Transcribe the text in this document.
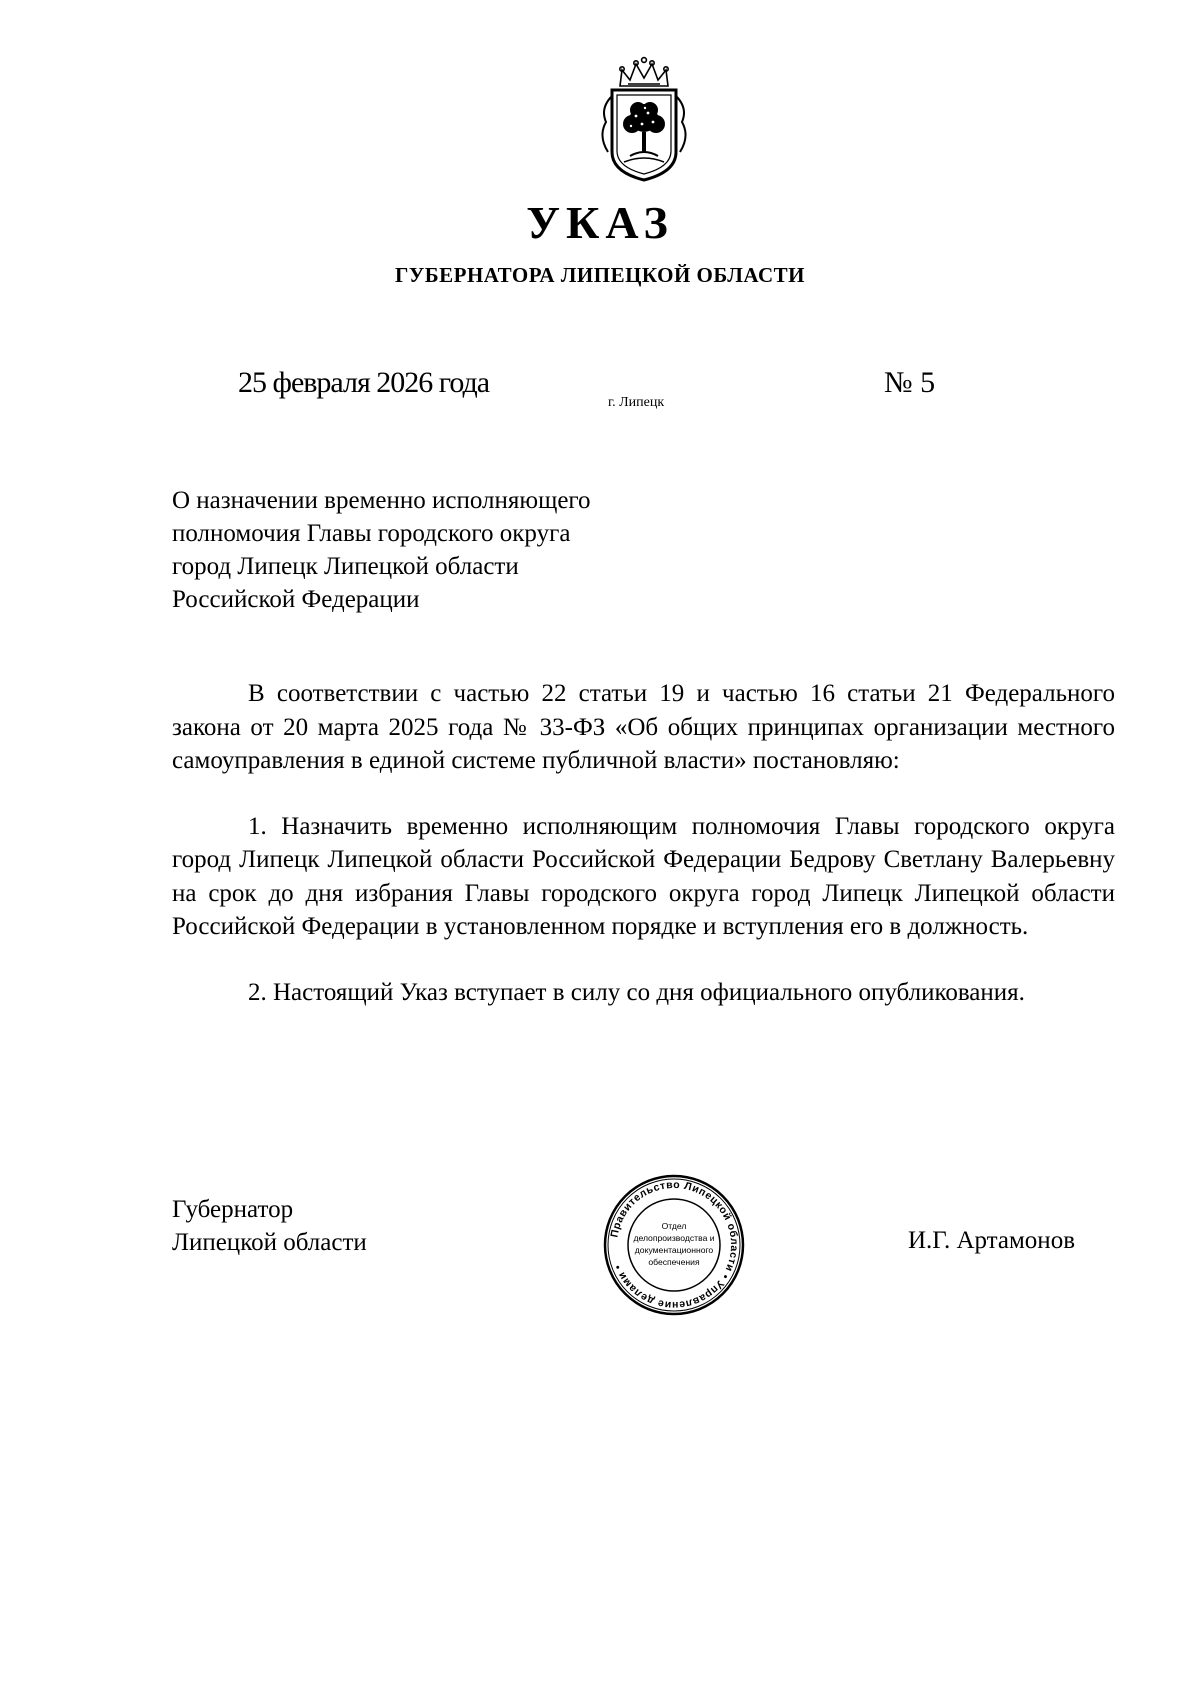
УКАЗ
ГУБЕРНАТОРА ЛИПЕЦКОЙ ОБЛАСТИ
25 февраля 2026 года
г. Липецк
№ 5
О назначении временно исполняющего
полномочия Главы городского округа
город Липецк Липецкой области
Российской Федерации

В соответствии с частью 22 статьи 19 и частью 16 статьи 21 Федерального закона от 20 марта 2025 года № 33-ФЗ «Об общих принципах организации местного самоуправления в единой системе публичной власти» постановляю:

1. Назначить временно исполняющим полномочия Главы городского округа город Липецк Липецкой области Российской Федерации Бедрову Светлану Валерьевну на срок до дня избрания Главы городского округа город Липецк Липецкой области Российской Федерации в установленном порядке и вступления его в должность.

2. Настоящий Указ вступает в силу со дня официального опубликования.

Губернатор
Липецкой области	Правительство Липецкой области • Управление делами •
Отдел
делопроизводства и
документационного
обеспечения
И.Г. Артамонов
